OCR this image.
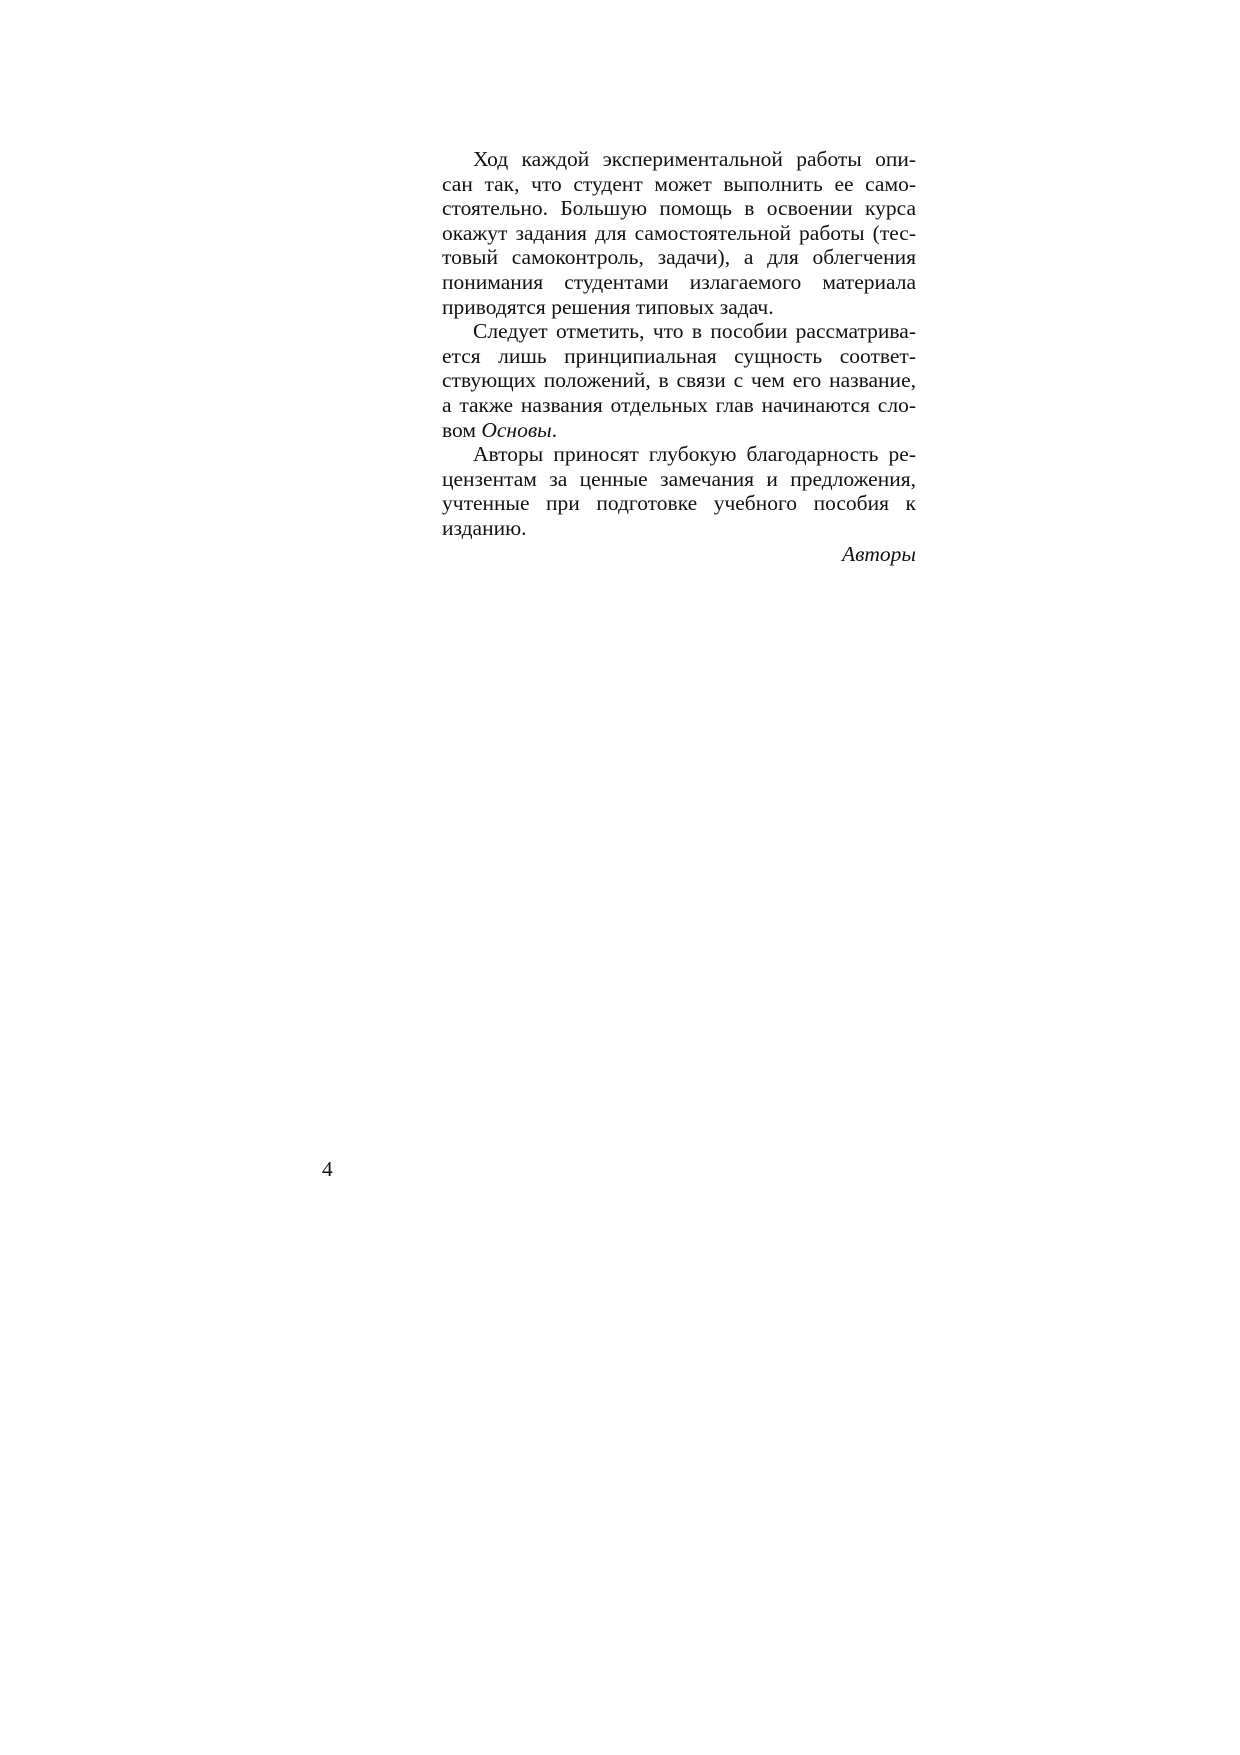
Ход каждой экспериментальной работы опи-
сан так, что студент может выполнить ее само-
стоятельно. Большую помощь в освоении курса
окажут задания для самостоятельной работы (тес-
товый самоконтроль, задачи), а для облегчения
понимания студентами излагаемого материала
приводятся решения типовых задач.
Следует отметить, что в пособии рассматрива-
ется лишь принципиальная сущность соответ-
ствующих положений, в связи с чем его название,
а также названия отдельных глав начинаются сло-
вом Основы.
Авторы приносят глубокую благодарность ре-
цензентам за ценные замечания и предложения,
учтенные при подготовке учебного пособия к
изданию.
Авторы
4
